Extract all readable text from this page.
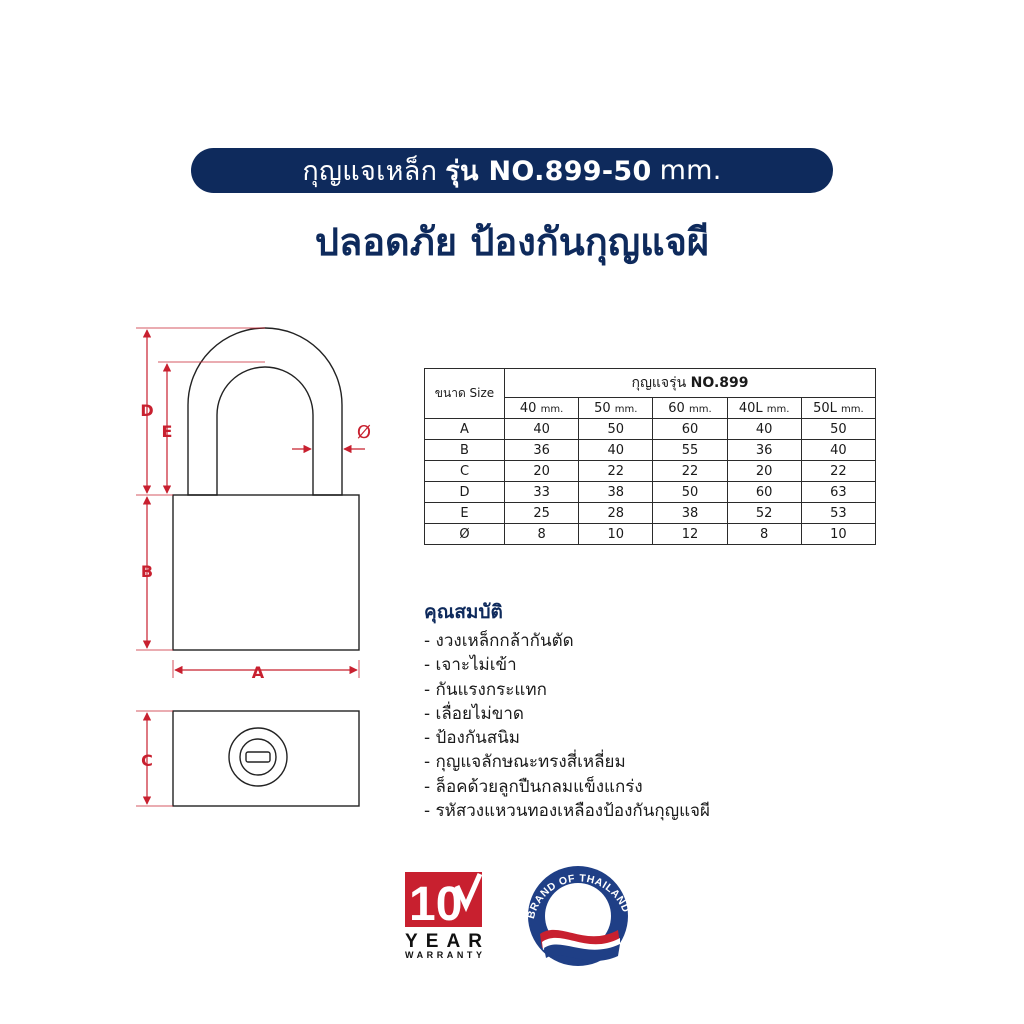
กุญแจเหล็ก รุ่น NO.899-50 mm.
ปลอดภัย ป้องกันกุญแจผี
D
E
B
A
C
Ø
10
YEAR
WARRANTY
BRAND OF THAILAND
ขนาด Size	กุญแจรุ่น NO.899				
	40 mm.	50 mm.	60 mm.	40L mm.	50L mm.
A	40	50	60	40	50
B	36	40	55	36	40
C	20	22	22	20	22
D	33	38	50	60	63
E	25	28	38	52	53
Ø	8	10	12	8	10
คุณสมบัติ
- งวงเหล็กกล้ากันตัด
- เจาะไม่เข้า
- กันแรงกระแทก
- เลื่อยไม่ขาด
- ป้องกันสนิม
- กุญแจลักษณะทรงสี่เหลี่ยม
- ล็อคด้วยลูกปืนกลมแข็งแกร่ง
- รหัสวงแหวนทองเหลืองป้องกันกุญแจผี
